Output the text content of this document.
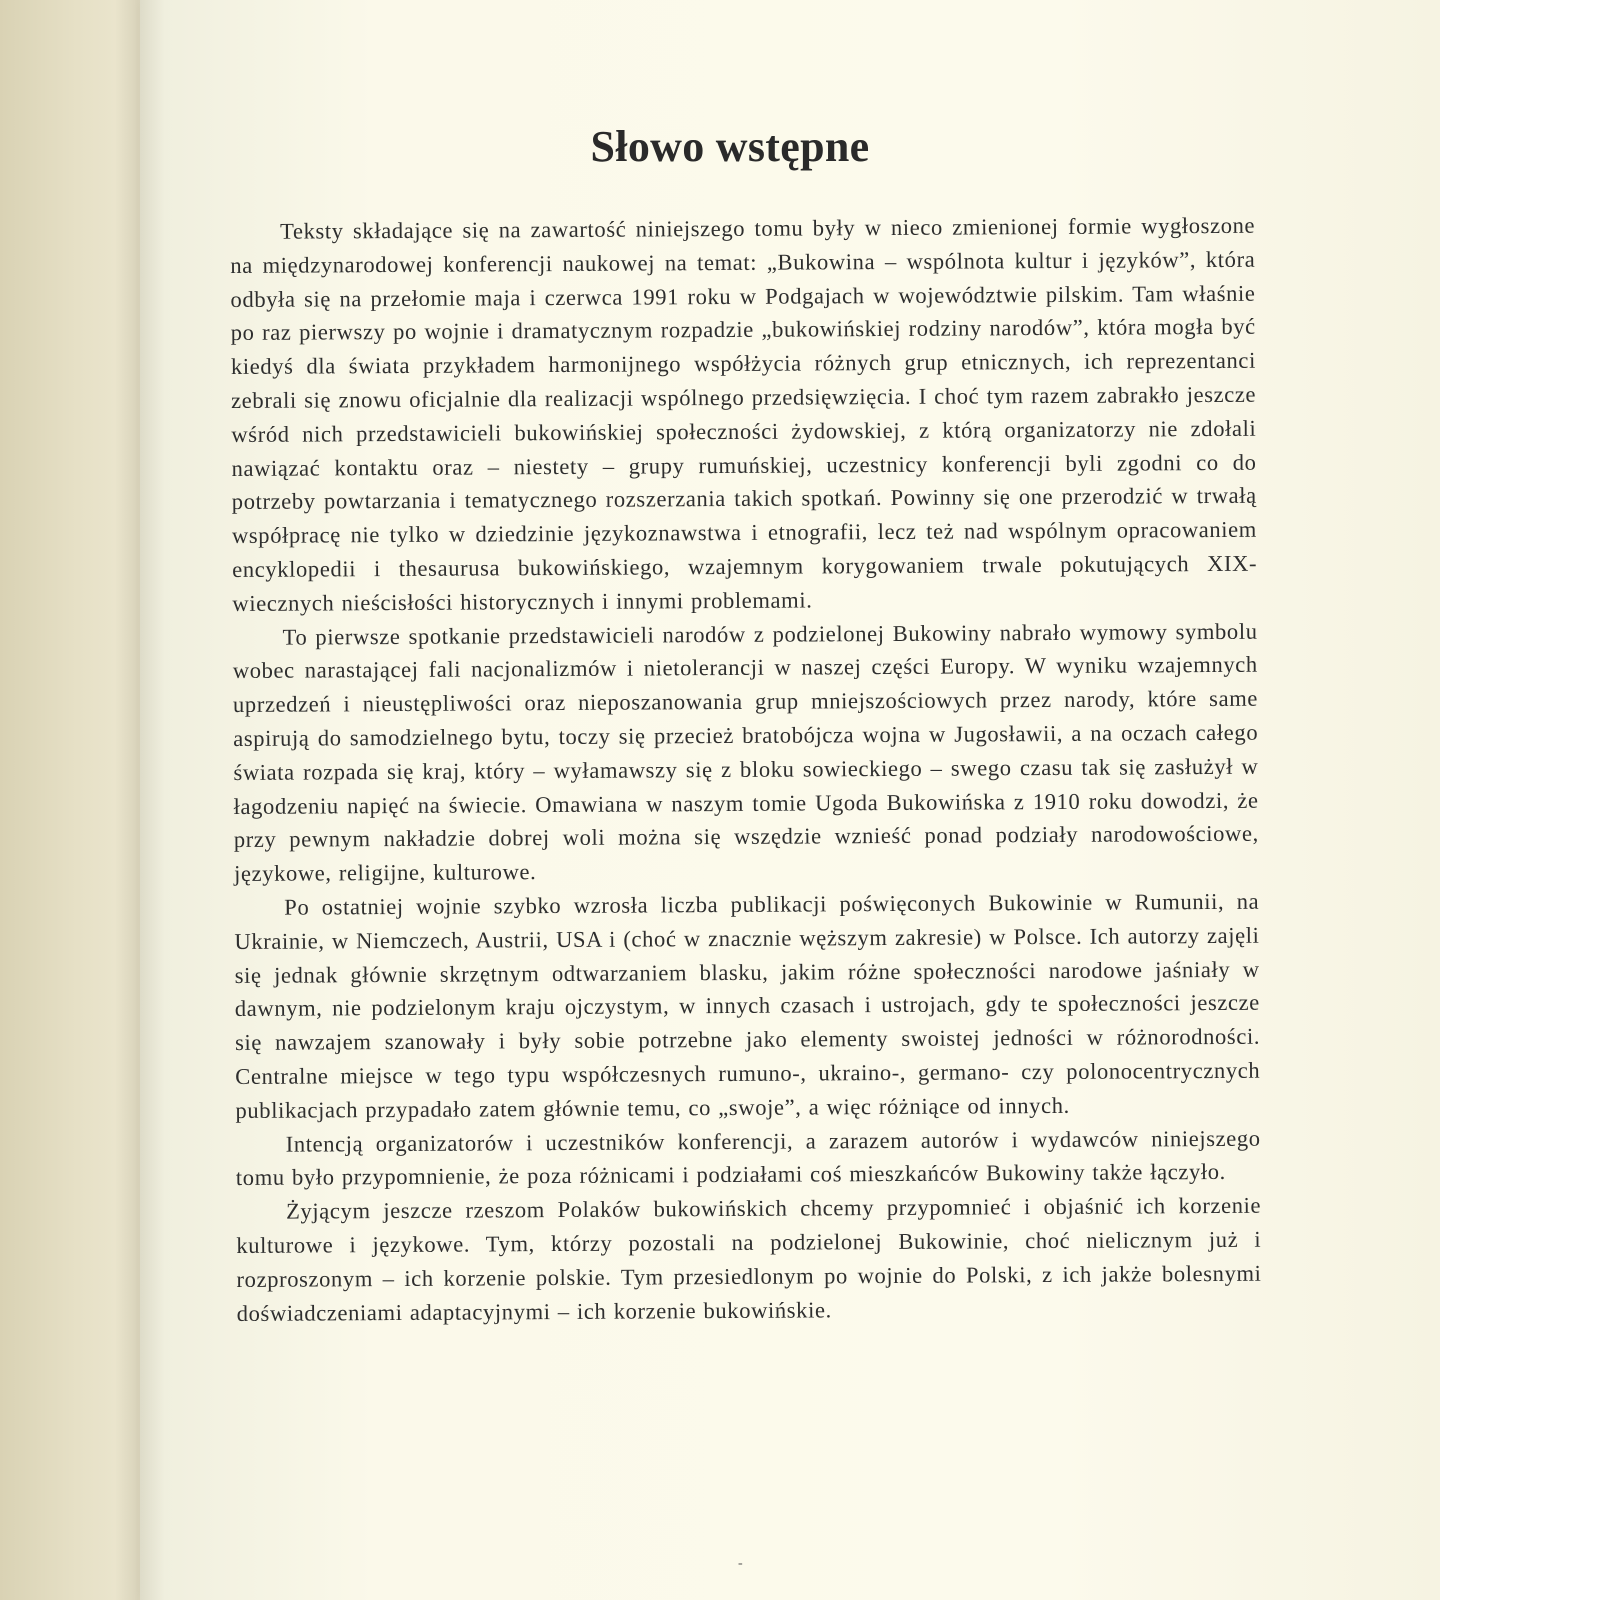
Słowo wstępne

Teksty składające się na zawartość niniejszego tomu były w nieco zmienionej formie wygłoszone na międzynarodowej konferencji naukowej na temat: „Bukowina – wspólnota kultur i języków”, która odbyła się na przełomie maja i czerwca 1991 roku w Podgajach w województwie pilskim. Tam właśnie po raz pierwszy po wojnie i dramatycznym rozpadzie „bukowińskiej rodziny narodów”, która mogła być kiedyś dla świata przykładem harmonijnego współżycia różnych grup etnicznych, ich reprezentanci zebrali się znowu oficjalnie dla realizacji wspólnego przedsięwzięcia. I choć tym razem zabrakło jeszcze wśród nich przedstawicieli bukowińskiej społeczności żydowskiej, z którą organizatorzy nie zdołali nawiązać kontaktu oraz – niestety – grupy rumuńskiej, uczestnicy konferencji byli zgodni co do potrzeby powtarzania i tematycznego rozszerzania takich spotkań. Powinny się one przerodzić w trwałą współpracę nie tylko w dziedzinie językoznawstwa i etnografii, lecz też nad wspólnym opracowaniem encyklopedii i thesaurusa bukowińskiego, wzajemnym korygowaniem trwale pokutujących XIX-wiecznych nieścisłości historycznych i innymi problemami.

To pierwsze spotkanie przedstawicieli narodów z podzielonej Bukowiny nabrało wymowy symbolu wobec narastającej fali nacjonalizmów i nietolerancji w naszej części Europy. W wyniku wzajemnych uprzedzeń i nieustępliwości oraz nieposzanowania grup mniejszościowych przez narody, które same aspirują do samodzielnego bytu, toczy się przecież bratobójcza wojna w Jugosławii, a na oczach całego świata rozpada się kraj, który – wyłamawszy się z bloku sowieckiego – swego czasu tak się zasłużył w łagodzeniu napięć na świecie. Omawiana w naszym tomie Ugoda Bukowińska z 1910 roku dowodzi, że przy pewnym nakładzie dobrej woli można się wszędzie wznieść ponad podziały narodowościowe, językowe, religijne, kulturowe.

Po ostatniej wojnie szybko wzrosła liczba publikacji poświęconych Bukowinie w Rumunii, na Ukrainie, w Niemczech, Austrii, USA i (choć w znacznie węższym zakresie) w Polsce. Ich autorzy zajęli się jednak głównie skrzętnym odtwarzaniem blasku, jakim różne społeczności narodowe jaśniały w dawnym, nie podzielonym kraju ojczystym, w innych czasach i ustrojach, gdy te społeczności jeszcze się nawzajem szanowały i były sobie potrzebne jako elementy swoistej jedności w różnorodności. Centralne miejsce w tego typu współczesnych rumuno-, ukraino-, germano- czy polonocentrycznych publikacjach przypadało zatem głównie temu, co „swoje”, a więc różniące od innych.

Intencją organizatorów i uczestników konferencji, a zarazem autorów i wydawców niniejszego tomu było przypomnienie, że poza różnicami i podziałami coś mieszkańców Bukowiny także łączyło.

Żyjącym jeszcze rzeszom Polaków bukowińskich chcemy przypomnieć i objaśnić ich korzenie kulturowe i językowe. Tym, którzy pozostali na podzielonej Bukowinie, choć nielicznym już i rozproszonym – ich korzenie polskie. Tym przesiedlonym po wojnie do Polski, z ich jakże bolesnymi doświadczeniami adaptacyjnymi – ich korzenie bukowińskie.

-
